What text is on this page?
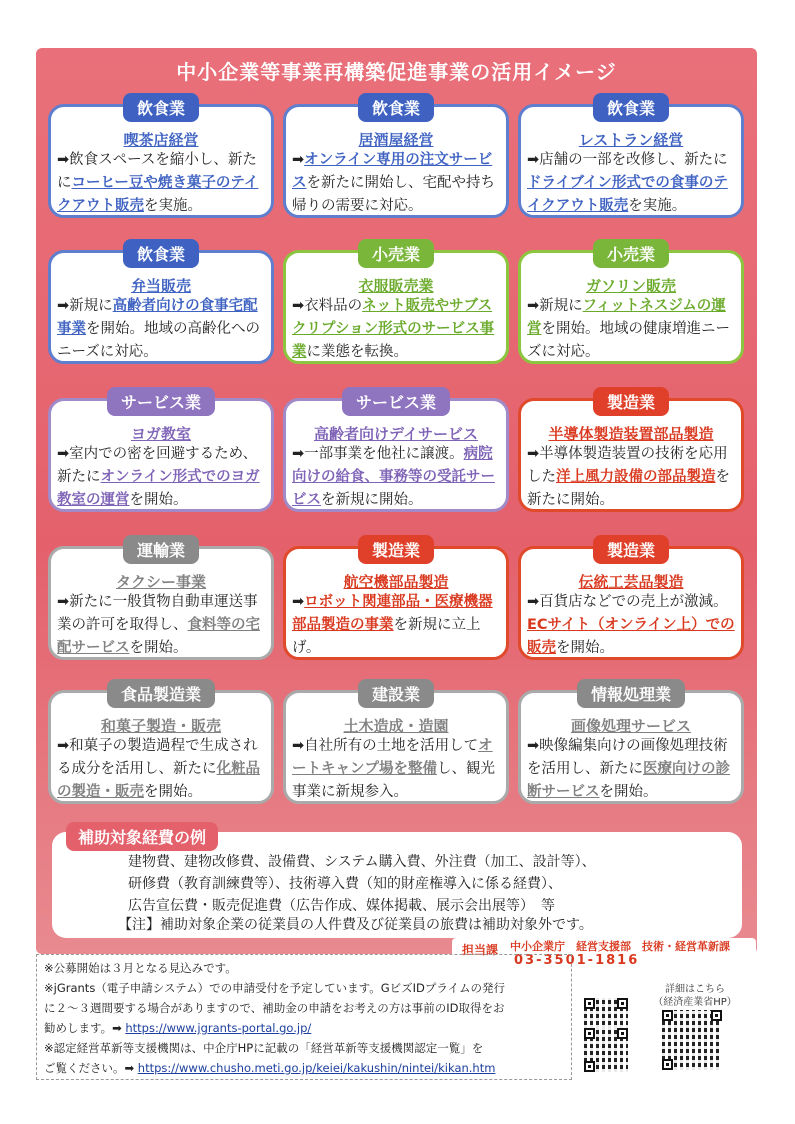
中小企業等事業再構築促進事業の活用イメージ
飲食業
喫茶店経営
➡飲食スペースを縮小し、新たにコーヒー豆や焼き菓子のテイクアウト販売を実施。
飲食業
居酒屋経営
➡オンライン専用の注文サービスを新たに開始し、宅配や持ち帰りの需要に対応。
飲食業
レストラン経営
➡店舗の一部を改修し、新たにドライブイン形式での食事のテイクアウト販売を実施。
飲食業
弁当販売
➡新規に高齢者向けの食事宅配事業を開始。地域の高齢化へのニーズに対応。
小売業
衣服販売業
➡衣料品のネット販売やサブスクリプション形式のサービス事業に業態を転換。
小売業
ガソリン販売
➡新規にフィットネスジムの運営を開始。地域の健康増進ニーズに対応。
サービス業
ヨガ教室
➡室内での密を回避するため、新たにオンライン形式でのヨガ教室の運営を開始。
サービス業
高齢者向けデイサービス
➡一部事業を他社に譲渡。病院向けの給食、事務等の受託サービスを新規に開始。
製造業
半導体製造装置部品製造
➡半導体製造装置の技術を応用した洋上風力設備の部品製造を新たに開始。
運輸業
タクシー事業
➡新たに一般貨物自動車運送事業の許可を取得し、食料等の宅配サービスを開始。
製造業
航空機部品製造
➡ロボット関連部品・医療機器部品製造の事業を新規に立上げ。
製造業
伝統工芸品製造
➡百貨店などでの売上が激減。ECサイト（オンライン上）での販売を開始。
食品製造業
和菓子製造・販売
➡和菓子の製造過程で生成される成分を活用し、新たに化粧品の製造・販売を開始。
建設業
土木造成・造園
➡自社所有の土地を活用してオートキャンプ場を整備し、観光事業に新規参入。
情報処理業
画像処理サービス
➡映像編集向けの画像処理技術を活用し、新たに医療向けの診断サービスを開始。
補助対象経費の例
建物費、建物改修費、設備費、システム購入費、外注費（加工、設計等）、
研修費（教育訓練費等）、技術導入費（知的財産権導入に係る経費）、
広告宣伝費・販売促進費（広告作成、媒体掲載、展示会出展等）　等
【注】補助対象企業の従業員の人件費及び従業員の旅費は補助対象外です。
担当課 中小企業庁　経営支援部　技術・経営革新課
03-3501-1816
※公募開始は３月となる見込みです。
※jGrants（電子申請システム）での申請受付を予定しています。GビズIDプライムの発行
に２～３週間要する場合がありますので、補助金の申請をお考えの方は事前のID取得をお
勧めします。➡ https://www.jgrants-portal.go.jp/
※認定経営革新等支援機関は、中企庁HPに記載の「経営革新等支援機関認定一覧」を
ご覧ください。➡ https://www.chusho.meti.go.jp/keiei/kakushin/nintei/kikan.htm
詳細はこちら
（経済産業省HP）
